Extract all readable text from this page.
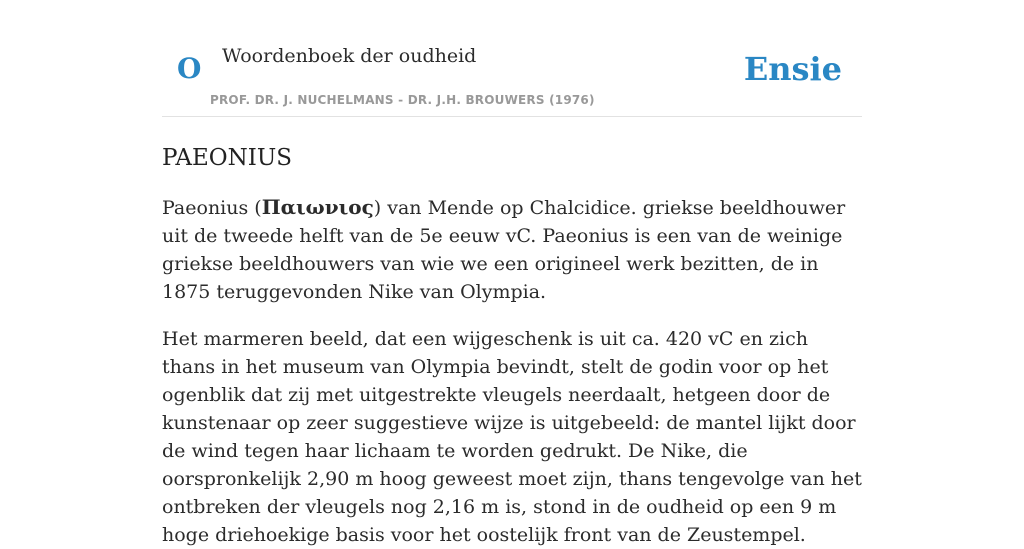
O Woordenboek der oudheid
PROF. DR. J. NUCHELMANS - DR. J.H. BROUWERS (1976)
Ensie
PAEONIUS

Paeonius (Παιωνιος) van Mende op Chalcidice. griekse beeldhouwer uit de tweede helft van de 5e eeuw vC. Paeonius is een van de weinige griekse beeldhouwers van wie we een origineel werk bezitten, de in 1875 teruggevonden Nike van Olympia.

Het marmeren beeld, dat een wijgeschenk is uit ca. 420 vC en zich thans in het museum van Olympia bevindt, stelt de godin voor op het ogenblik dat zij met uitgestrekte vleugels neerdaalt, hetgeen door de kunstenaar op zeer suggestieve wijze is uitgebeeld: de mantel lijkt door de wind tegen haar lichaam te worden gedrukt. De Nike, die oorspronkelijk 2,90 m hoog geweest moet zijn, thans tengevolge van het ontbreken der vleugels nog 2,16 m is, stond in de oudheid op een 9 m hoge driehoekige basis voor het oostelijk front van de Zeustempel.
